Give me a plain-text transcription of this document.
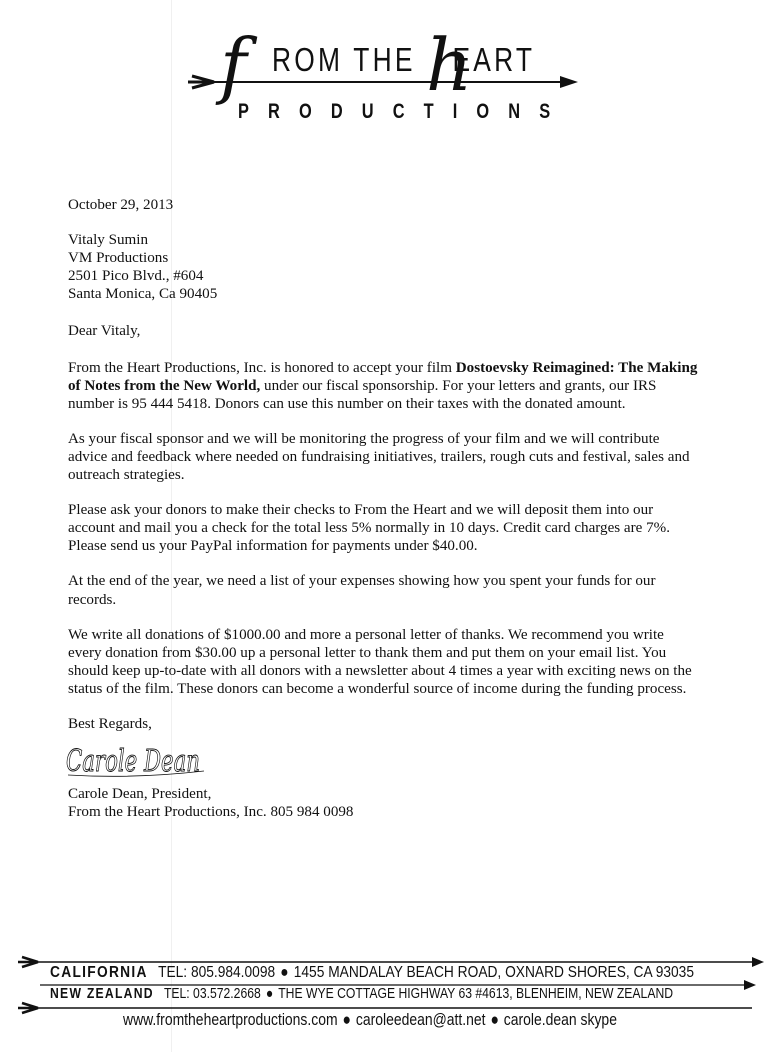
f h
ROM THE EART
PRODUCTIONS

October 29, 2013

Vitaly Sumin
VM Productions
2501 Pico Blvd., #604
Santa Monica, Ca 90405

Dear Vitaly,

From the Heart Productions, Inc. is honored to accept your film Dostoevsky Reimagined: The Making of Notes from the New World, under our fiscal sponsorship. For your letters and grants, our IRS number is 95 444 5418. Donors can use this number on their taxes with the donated amount.

As your fiscal sponsor and we will be monitoring the progress of your film and we will contribute advice and feedback where needed on fundraising initiatives, trailers, rough cuts and festival, sales and outreach strategies.

Please ask your donors to make their checks to From the Heart and we will deposit them into our account and mail you a check for the total less 5% normally in 10 days. Credit card charges are 7%. Please send us your PayPal information for payments under $40.00.

At the end of the year, we need a list of your expenses showing how you spent your funds for our records.

We write all donations of $1000.00 and more a personal letter of thanks. We recommend you write every donation from $30.00 up a personal letter to thank them and put them on your email list. You should keep up-to-date with all donors with a newsletter about 4 times a year with exciting news on the status of the film. These donors can become a wonderful source of income during the funding process.

Best Regards,

Carole Dean

Carole Dean, President,

From the Heart Productions, Inc. 805 984 0098

CALIFORNIA TEL: 805.984.0098 ● 1455 MANDALAY BEACH ROAD, OXNARD SHORES, CA 93035
NEW ZEALAND TEL: 03.572.2668 ● THE WYE COTTAGE HIGHWAY 63 #4613, BLENHEIM, NEW ZEALAND
www.fromtheheartproductions.com ● caroleedean@att.net ● carole.dean skype
